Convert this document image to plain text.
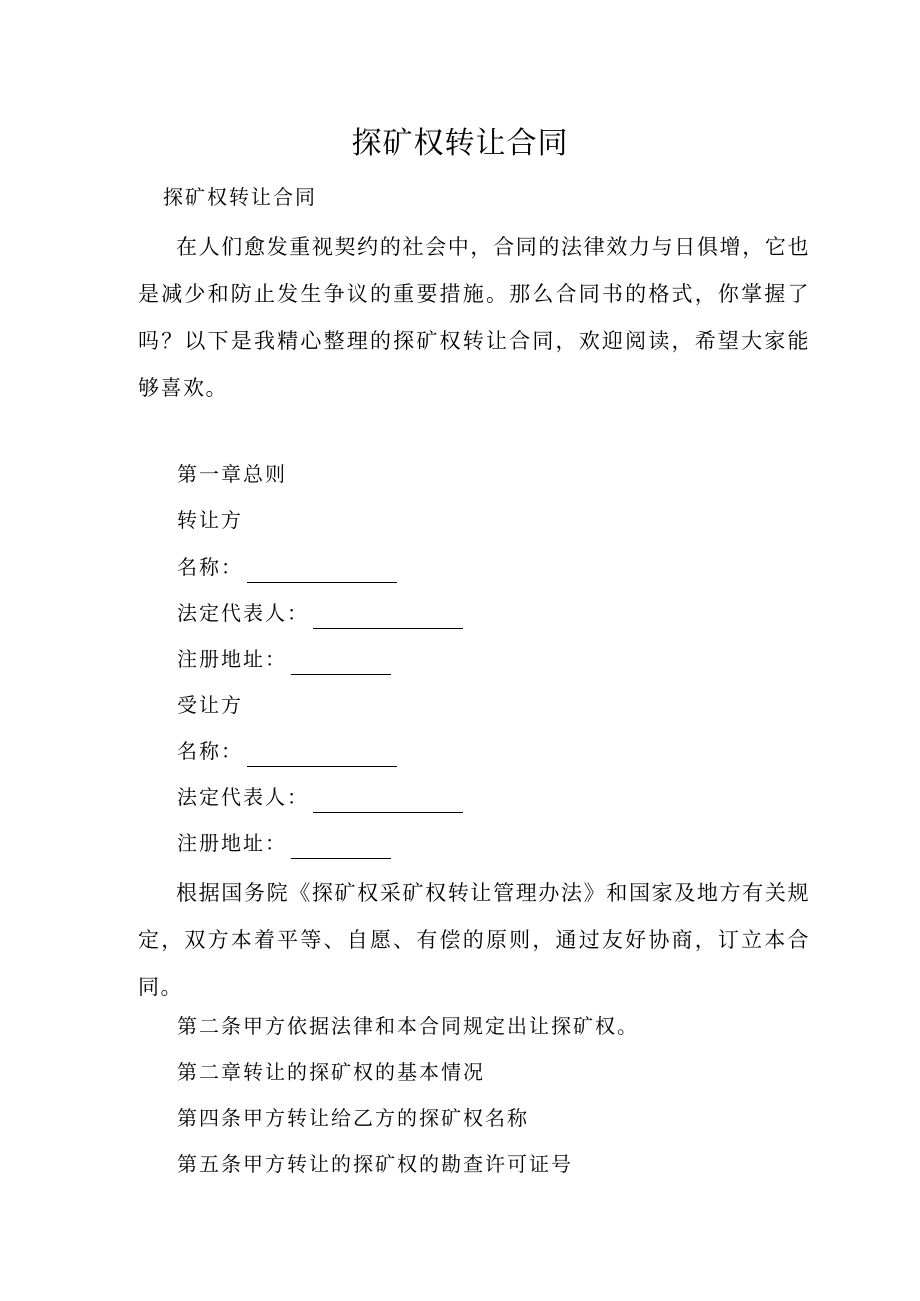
探矿权转让合同
探矿权转让合同

在人们愈发重视契约的社会中，合同的法律效力与日俱增，它也是减少和防止发生争议的重要措施。那么合同书的格式，你掌握了吗？以下是我精心整理的探矿权转让合同，欢迎阅读，希望大家能够喜欢。

第一章总则
转让方
名称：
法定代表人：
注册地址：
受让方
名称：
法定代表人：
注册地址：

根据国务院《探矿权采矿权转让管理办法》和国家及地方有关规定，双方本着平等、自愿、有偿的原则，通过友好协商，订立本合同。

第二条甲方依据法律和本合同规定出让探矿权。
第二章转让的探矿权的基本情况
第四条甲方转让给乙方的探矿权名称
第五条甲方转让的探矿权的勘查许可证号
